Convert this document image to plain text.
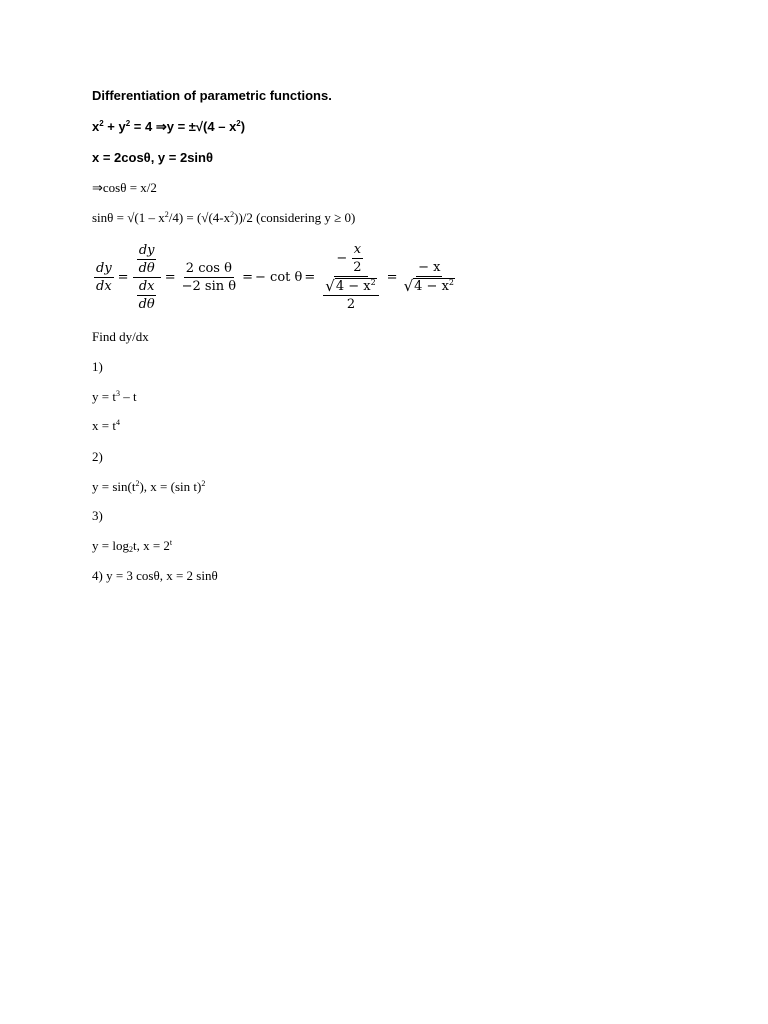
Differentiation of parametric functions.
$x^2 + y^2 = 4$ ⇒y = $\pm√(4 - x^2)$
x = 2cosθ, y = 2sinθ
⇒cosθ = x/2
$\sin\theta = √(1 - x^2/4) = (√(4-x^2))/2$ (considering y ≥ 0)
$\frac{dy}{dx} = \frac{\frac{dy}{d\theta}}{\frac{dx}{d\theta}} = \frac{\text{2 cos θ}}{\text{−2 sin θ}}$ = − $\cot \theta = \frac{- \frac{x}{2}}{\frac{√ 4 - x^2}{2}} = \frac{- x}{√ 4 - x^2}$
Find dy/dx
1)
$y = t^3 - t$
$x = t^4$
2)
$y = \sin(t^2)$, x = (sin t)$^2$
3)
$y = \log_2t$, $x = 2^t$
4) y = 3 cosθ, x = 2 sinθ
